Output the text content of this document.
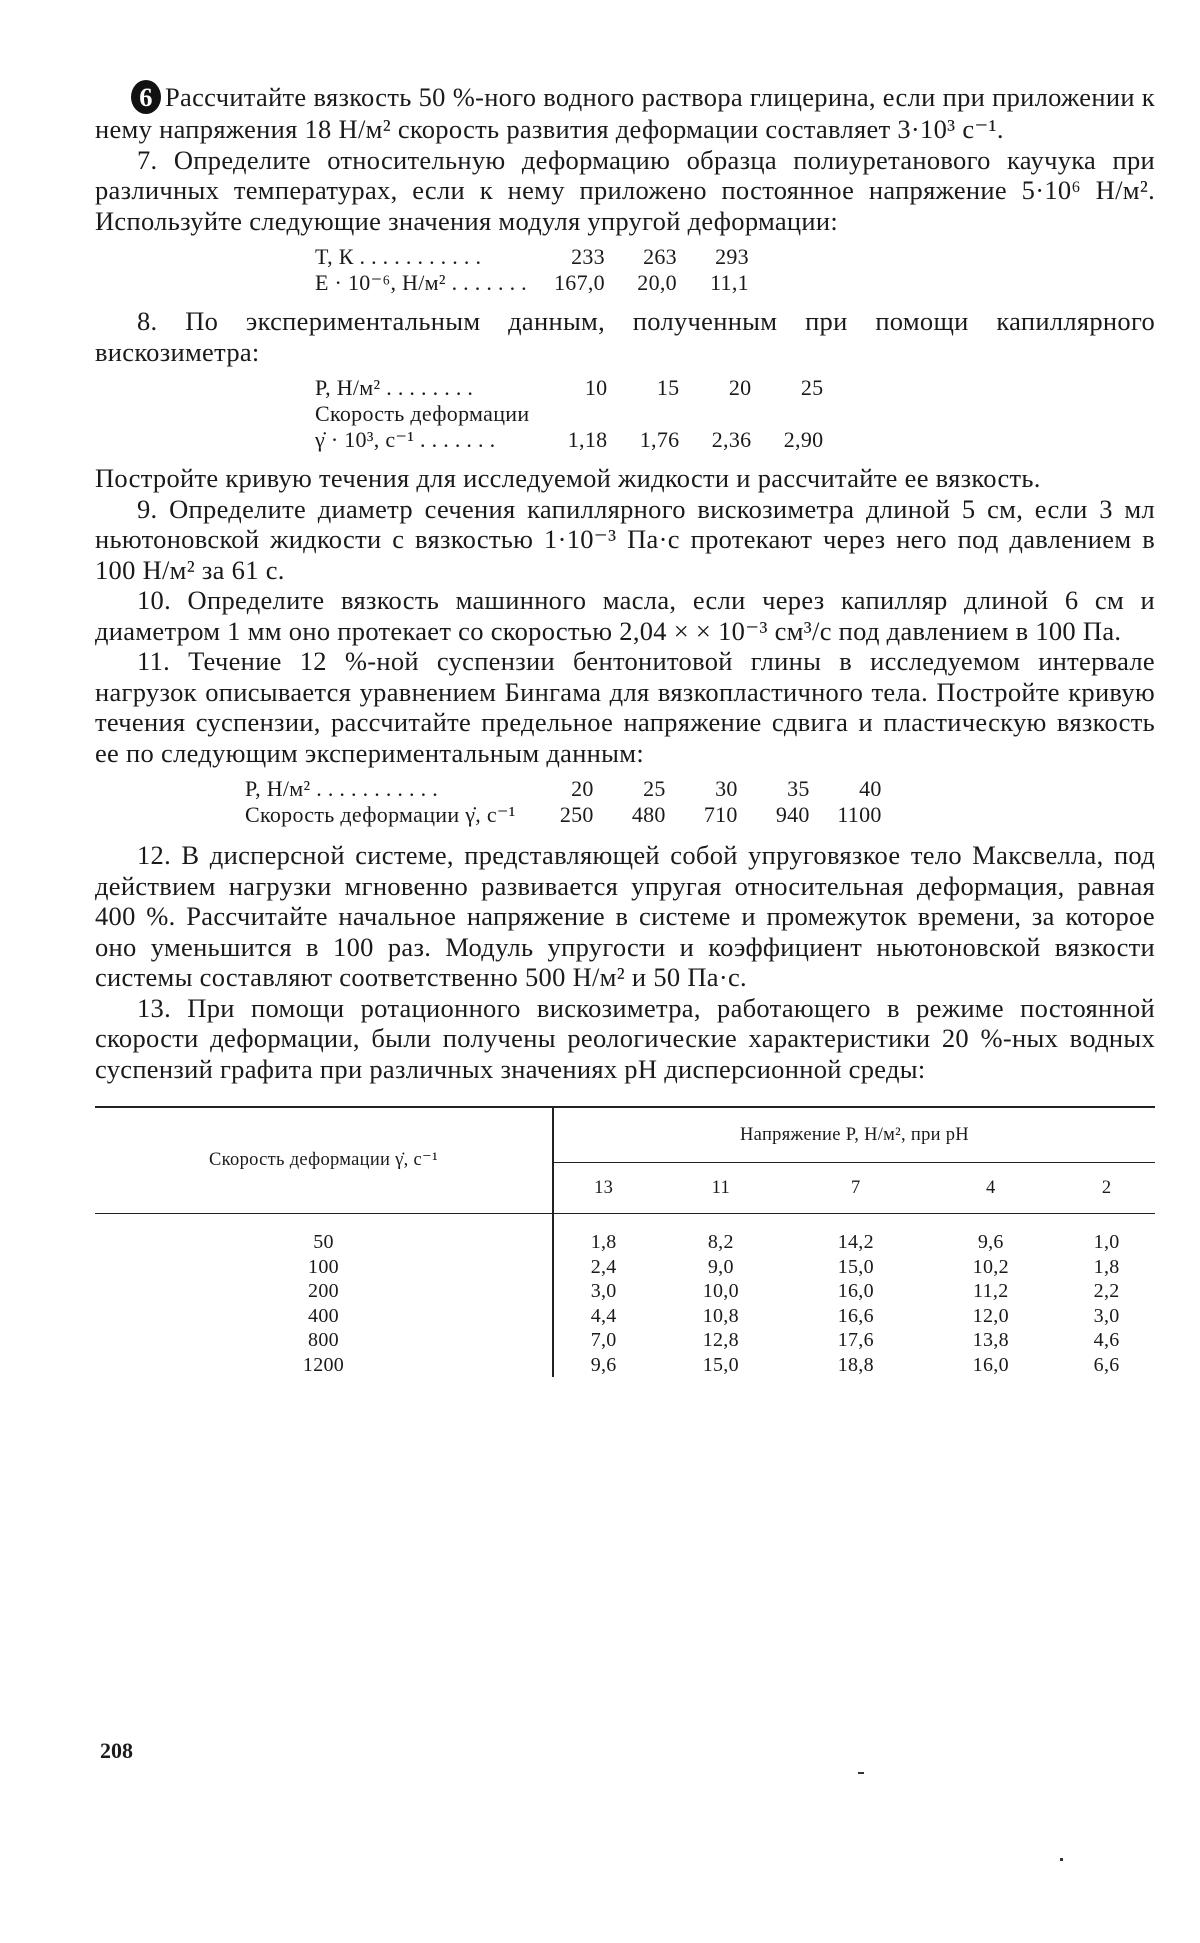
6 Рассчитайте вязкость 50 %-ного водного раствора глицерина, если при приложении к нему напряжения 18 Н/м² скорость развития деформации составляет 3·10³ с⁻¹.

7. Определите относительную деформацию образца полиуретанового каучука при различных температурах, если к нему приложено постоянное напряжение 5·10⁶ Н/м². Используйте следующие значения модуля упругой деформации:

T, К . . . . . . . . . . .	233	263	293
E · 10⁻⁶, Н/м² . . . . . . .	167,0	20,0	11,1

8. По экспериментальным данным, полученным при помощи капиллярного вискозиметра:

P, Н/м² . . . . . . . .	10	15	20	25
Скорость деформации
γ̇ · 10³, с⁻¹ . . . . . . .	1,18	1,76	2,36	2,90

Постройте кривую течения для исследуемой жидкости и рассчитайте ее вязкость.

9. Определите диаметр сечения капиллярного вискозиметра длиной 5 см, если 3 мл ньютоновской жидкости с вязкостью 1·10⁻³ Па·с протекают через него под давлением в 100 Н/м² за 61 с.

10. Определите вязкость машинного масла, если через капилляр длиной 6 см и диаметром 1 мм оно протекает со скоростью 2,04 × × 10⁻³ см³/с под давлением в 100 Па.

11. Течение 12 %-ной суспензии бентонитовой глины в исследуемом интервале нагрузок описывается уравнением Бингама для вязкопластичного тела. Постройте кривую течения суспензии, рассчитайте предельное напряжение сдвига и пластическую вязкость ее по следующим экспериментальным данным:

P, Н/м² . . . . . . . . . . .	20	25	30	35	40
Скорость деформации γ̇, с⁻¹	250	480	710	940	1100

12. В дисперсной системе, представляющей собой упруговязкое тело Максвелла, под действием нагрузки мгновенно развивается упругая относительная деформация, равная 400 %. Рассчитайте начальное напряжение в системе и промежуток времени, за которое оно уменьшится в 100 раз. Модуль упругости и коэффициент ньютоновской вязкости системы составляют соответственно 500 Н/м² и 50 Па·с.

13. При помощи ротационного вискозиметра, работающего в режиме постоянной скорости деформации, были получены реологические характеристики 20 %-ных водных суспензий графита при различных значениях pH дисперсионной среды:

Скорость деформации γ̇, с⁻¹	Напряжение P, Н/м², при pH				
	13	11	7	4	2
50	1,8	8,2	14,2	9,6	1,0
100	2,4	9,0	15,0	10,2	1,8
200	3,0	10,0	16,0	11,2	2,2
400	4,4	10,8	16,6	12,0	3,0
800	7,0	12,8	17,6	13,8	4,6
1200	9,6	15,0	18,8	16,0	6,6
208
